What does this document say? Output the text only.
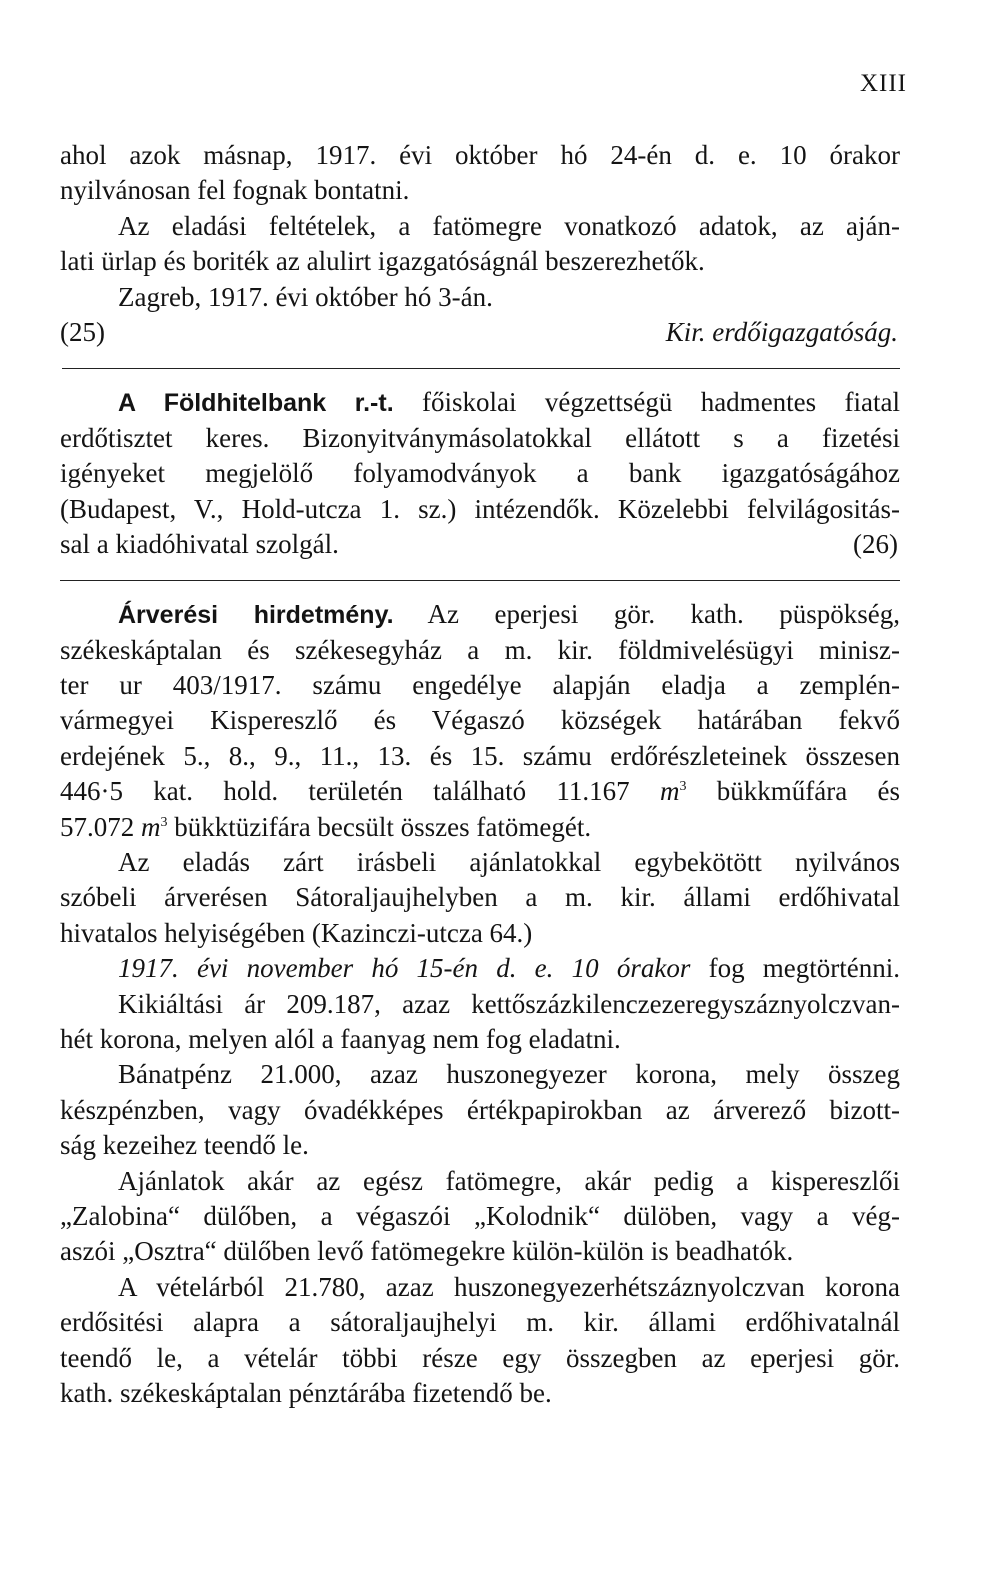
XIII
ahol azok másnap, 1917. évi október hó 24-én d. e. 10 órakor
nyilvánosan fel fognak bontatni.
Az eladási feltételek, a fatömegre vonatkozó adatok, az aján-
lati ürlap és boriték az alulirt igazgatóságnál beszerezhetők.
Zagreb, 1917. évi október hó 3-án.
(25)	Kir. erdőigazgatóság.
A Földhitelbank r.-t. főiskolai végzettségü hadmentes fiatal
erdőtisztet keres. Bizonyitványmásolatokkal ellátott s a fizetési
igényeket megjelölő folyamodványok a bank igazgatóságához
(Budapest, V., Hold-utcza 1. sz.) intézendők. Közelebbi felvilágositás-
sal a kiadóhivatal szolgál.	(26)
Árverési hirdetmény. Az eperjesi gör. kath. püspökség,
székeskáptalan és székesegyház a m. kir. földmivelésügyi minisz-
ter ur 403/1917. számu engedélye alapján eladja a zemplén-
vármegyei Kispereszlő és Végaszó községek határában fekvő
erdejének 5., 8., 9., 11., 13. és 15. számu erdőrészleteinek összesen
446·5 kat. hold. területén található 11.167 $m^3$ bükkműfára és
57.072 $m^3$ bükktüzifára becsült összes fatömegét.
Az eladás zárt irásbeli ajánlatokkal egybekötött nyilvános
szóbeli árverésen Sátoraljaujhelyben a m. kir. állami erdőhivatal
hivatalos helyiségében (Kazinczi-utcza 64.)
1917. évi november hó 15-én d. e. 10 órakor fog megtörténni.
Kikiáltási ár 209.187, azaz kettőszázkilenczezeregyszáznyolczvan-
hét korona, melyen alól a faanyag nem fog eladatni.
Bánatpénz 21.000, azaz huszonegyezer korona, mely összeg
készpénzben, vagy óvadékképes értékpapirokban az árverező bizott-
ság kezeihez teendő le.
Ajánlatok akár az egész fatömegre, akár pedig a kispereszlői
„Zalobina“ dülőben, a végaszói „Kolodnik“ dülöben, vagy a vég-
aszói „Osztra“ dülőben levő fatömegekre külön-külön is beadhatók.
A vételárból 21.780, azaz huszonegyezerhétszáznyolczvan korona
erdősitési alapra a sátoraljaujhelyi m. kir. állami erdőhivatalnál
teendő le, a vételár többi része egy összegben az eperjesi gör.
kath. székeskáptalan pénztárába fizetendő be.
